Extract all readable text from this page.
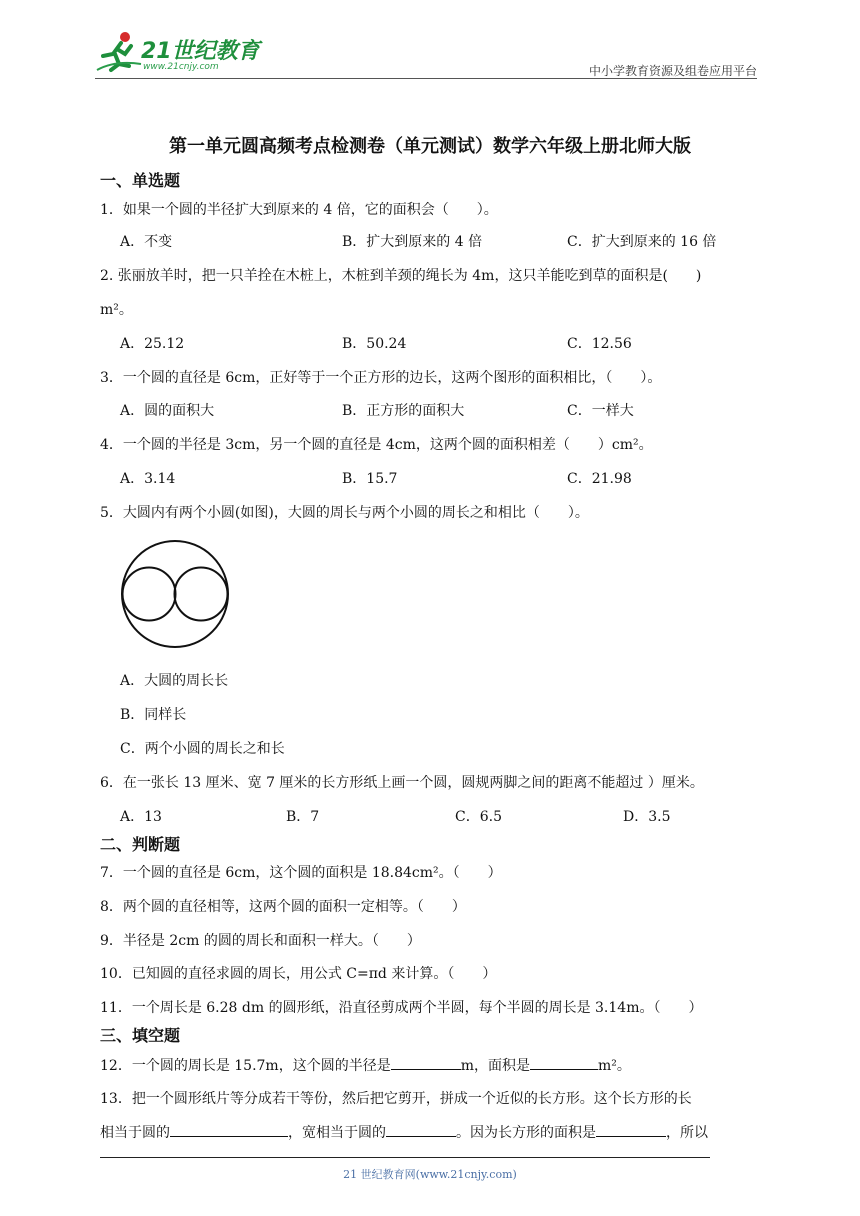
21世纪教育
www.21cnjy.com	中小学教育资源及组卷应用平台
第一单元圆高频考点检测卷（单元测试）数学六年级上册北师大版
一、单选题
1．如果一个圆的半径扩大到原来的 4 倍，它的面积会（　　）。
A．不变	B．扩大到原来的 4 倍	C．扩大到原来的 16 倍
2. 张丽放羊时，把一只羊拴在木桩上，木桩到羊颈的绳长为 4m，这只羊能吃到草的面积是(　　)
m²。
A．25.12	B．50.24	C．12.56
3．一个圆的直径是 6cm，正好等于一个正方形的边长，这两个图形的面积相比，（　　）。
A．圆的面积大	B．正方形的面积大	C．一样大
4．一个圆的半径是 3cm，另一个圆的直径是 4cm，这两个圆的面积相差（　　）cm²。
A．3.14	B．15.7	C．21.98
5．大圆内有两个小圆(如图)，大圆的周长与两个小圆的周长之和相比（　　）。
A．大圆的周长长
B．同样长
C．两个小圆的周长之和长
6．在一张长 13 厘米、宽 7 厘米的长方形纸上画一个圆，圆规两脚之间的距离不能超过 ）厘米。
A．13	B．7	C．6.5	D．3.5
二、判断题
7．一个圆的直径是 6cm，这个圆的面积是 18.84cm²。（　　）
8．两个圆的直径相等，这两个圆的面积一定相等。（　　）
9．半径是 2cm 的圆的周长和面积一样大。（　　）
10．已知圆的直径求圆的周长，用公式 C=πd 来计算。（　　）
11．一个周长是 6.28 dm 的圆形纸，沿直径剪成两个半圆，每个半圆的周长是 3.14m。（　　）
三、填空题
12．一个圆的周长是 15.7m，这个圆的半径是	m，面积是	m²。
13．把一个圆形纸片等分成若干等份，然后把它剪开，拼成一个近似的长方形。这个长方形的长
相当于圆的	，宽相当于圆的	。因为长方形的面积是	，所以
21 世纪教育网(www.21cnjy.com)
